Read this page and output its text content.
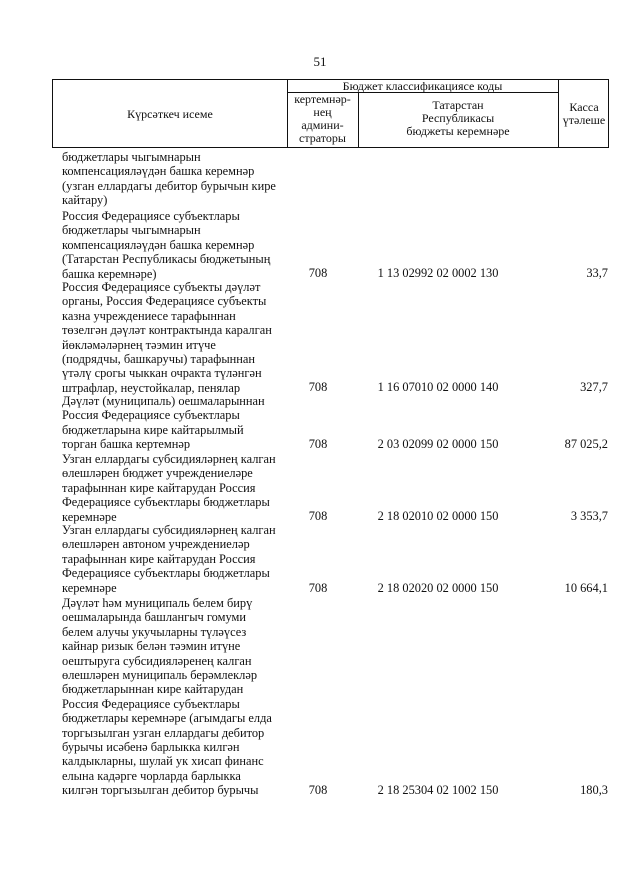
51
Күрсәткеч исеме
Бюджет классификациясе коды
кертемнәр-
нең
админи-
страторы
Татарстан
Республикасы
бюджеты керемнәре
Касса
үтәлеше
бюджетлары чыгымнарын
компенсацияләүдән башка керемнәр
(узган еллардагы дебитор бурычын кире
кайтару)
Россия Федерациясе субъектлары
бюджетлары чыгымнарын
компенсацияләүдән башка керемнәр
(Татарстан Республикасы бюджетының
башка керемнәре)	708	1 13 02992 02 0002 130	33,7
Россия Федерациясе субъекты дәүләт
органы, Россия Федерациясе субъекты
казна учреждениесе тарафыннан
төзелгән дәүләт контрактында каралган
йөкләмәләрнең тәэмин итүче
(подрядчы, башкаручы) тарафыннан
үтәлү срогы чыккан очракта түләнгән
штрафлар, неустойкалар, пенялар	708	1 16 07010 02 0000 140	327,7
Дәүләт (муниципаль) оешмаларыннан
Россия Федерациясе субъектлары
бюджетларына кире кайтарылмый
торган башка кертемнәр	708	2 03 02099 02 0000 150	87 025,2
Узган еллардагы субсидияләрнең калган
өлешләрен бюджет учреждениеләре
тарафыннан кире кайтарудан Россия
Федерациясе субъектлары бюджетлары
керемнәре	708	2 18 02010 02 0000 150	3 353,7
Узган еллардагы субсидияләрнең калган
өлешләрен автоном учреждениеләр
тарафыннан кире кайтарудан Россия
Федерациясе субъектлары бюджетлары
керемнәре	708	2 18 02020 02 0000 150	10 664,1
Дәүләт һәм муниципаль белем бирү
оешмаларында башлангыч гомуми
белем алучы укучыларны түләүсез
кайнар ризык белән тәэмин итүне
оештыруга субсидияләренең калган
өлешләрен муниципаль берәмлекләр
бюджетларыннан кире кайтарудан
Россия Федерациясе субъектлары
бюджетлары керемнәре (агымдагы елда
торгызылган узган еллардагы дебитор
бурычы исәбенә барлыкка килгән
калдыкларны, шулай ук хисап финанс
елына кадәрге чорларда барлыкка
килгән торгызылган дебитор бурычы	708	2 18 25304 02 1002 150	180,3
